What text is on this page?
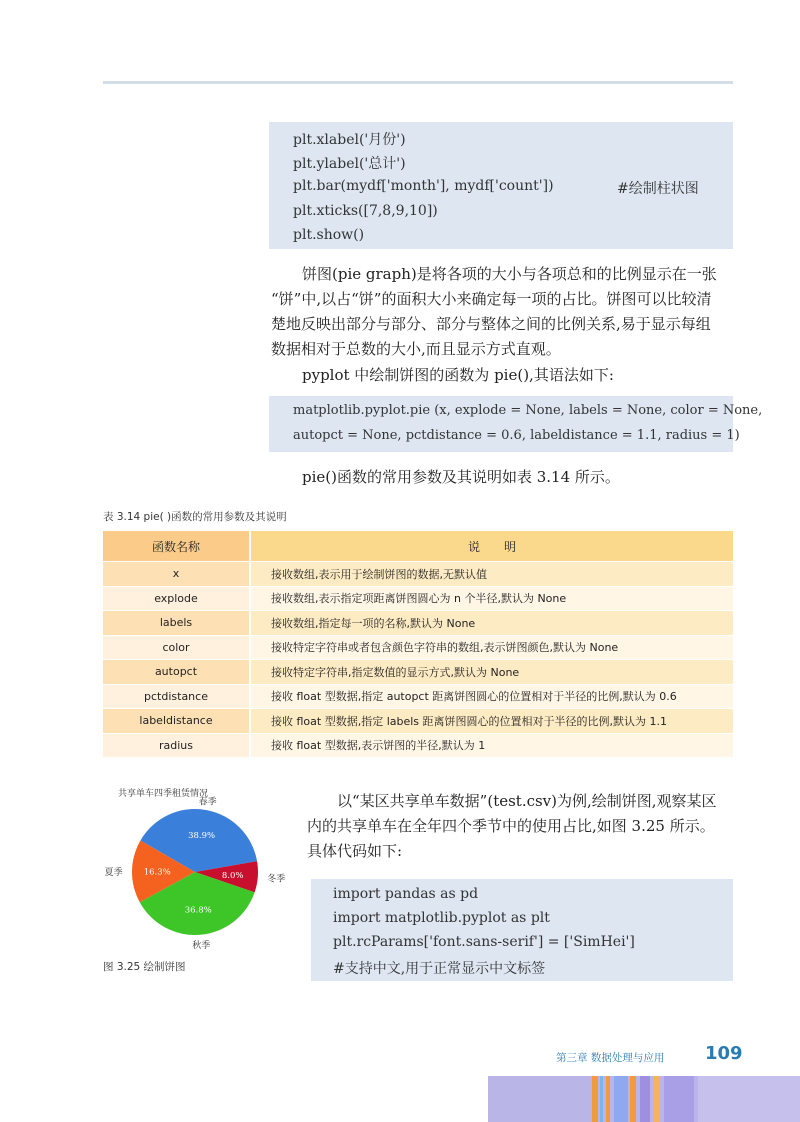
plt.xlabel('月份')
plt.ylabel('总计')
plt.bar(mydf['month'], mydf['count'])	#绘制柱状图
plt.xticks([7,8,9,10])
plt.show()
饼图(pie graph)是将各项的大小与各项总和的比例显示在一张
“饼”中,以占“饼”的面积大小来确定每一项的占比。饼图可以比较清
楚地反映出部分与部分、部分与整体之间的比例关系,易于显示每组
数据相对于总数的大小,而且显示方式直观。
pyplot 中绘制饼图的函数为 pie(),其语法如下:
matplotlib.pyplot.pie (x, explode = None, labels = None, color = None,
autopct = None, pctdistance = 0.6, labeldistance = 1.1, radius = 1)
pie()函数的常用参数及其说明如表 3.14 所示。
表 3.14 pie( )函数的常用参数及其说明
函数名称	说　　明
x	接收数组,表示用于绘制饼图的数据,无默认值
explode	接收数组,表示指定项距离饼图圆心为 n 个半径,默认为 None
labels	接收数组,指定每一项的名称,默认为 None
color	接收特定字符串或者包含颜色字符串的数组,表示饼图颜色,默认为 None
autopct	接收特定字符串,指定数值的显示方式,默认为 None
pctdistance	接收 float 型数据,指定 autopct 距离饼图圆心的位置相对于半径的比例,默认为 0.6
labeldistance	接收 float 型数据,指定 labels 距离饼图圆心的位置相对于半径的比例,默认为 1.1
radius	接收 float 型数据,表示饼图的半径,默认为 1
共享单车四季租赁情况
38.9%
春季
8.0%	冬季
36.8%
秋季
16.3%
夏季
图 3.25 绘制饼图
以“某区共享单车数据”(test.csv)为例,绘制饼图,观察某区
内的共享单车在全年四个季节中的使用占比,如图 3.25 所示。
具体代码如下:
import pandas as pd
import matplotlib.pyplot as plt
plt.rcParams['font.sans-serif'] = ['SimHei']
#支持中文,用于正常显示中文标签
第三章 数据处理与应用 109
